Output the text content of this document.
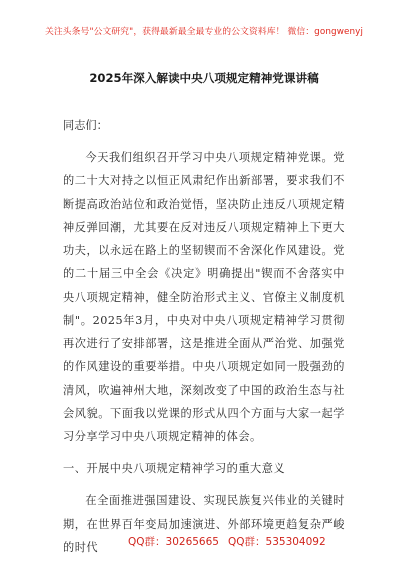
关注头条号"公文研究"，获得最新最全最专业的公文资料库！ 微信：gongwenyj
2025年深入解读中央八项规定精神党课讲稿

同志们：

今天我们组织召开学习中央八项规定精神党课。党的二十大对持之以恒正风肃纪作出新部署，要求我们不断提高政治站位和政治觉悟，坚决防止违反八项规定精神反弹回潮，尤其要在反对违反八项规定精神上下更大功夫，以永远在路上的坚韧锲而不舍深化作风建设。党的二十届三中全会《决定》明确提出"锲而不舍落实中央八项规定精神，健全防治形式主义、官僚主义制度机制"。2025年3月，中央对中央八项规定精神学习贯彻再次进行了安排部署，这是推进全面从严治党、加强党的作风建设的重要举措。中央八项规定如同一股强劲的清风，吹遍神州大地，深刻改变了中国的政治生态与社会风貌。下面我以党课的形式从四个方面与大家一起学习分享学习中央八项规定精神的体会。

一、开展中央八项规定精神学习的重大意义

在全面推进强国建设、实现民族复兴伟业的关键时期，在世界百年变局加速演进、外部环境更趋复杂严峻的时代	QQ群：30265665 QQ群：535304092
